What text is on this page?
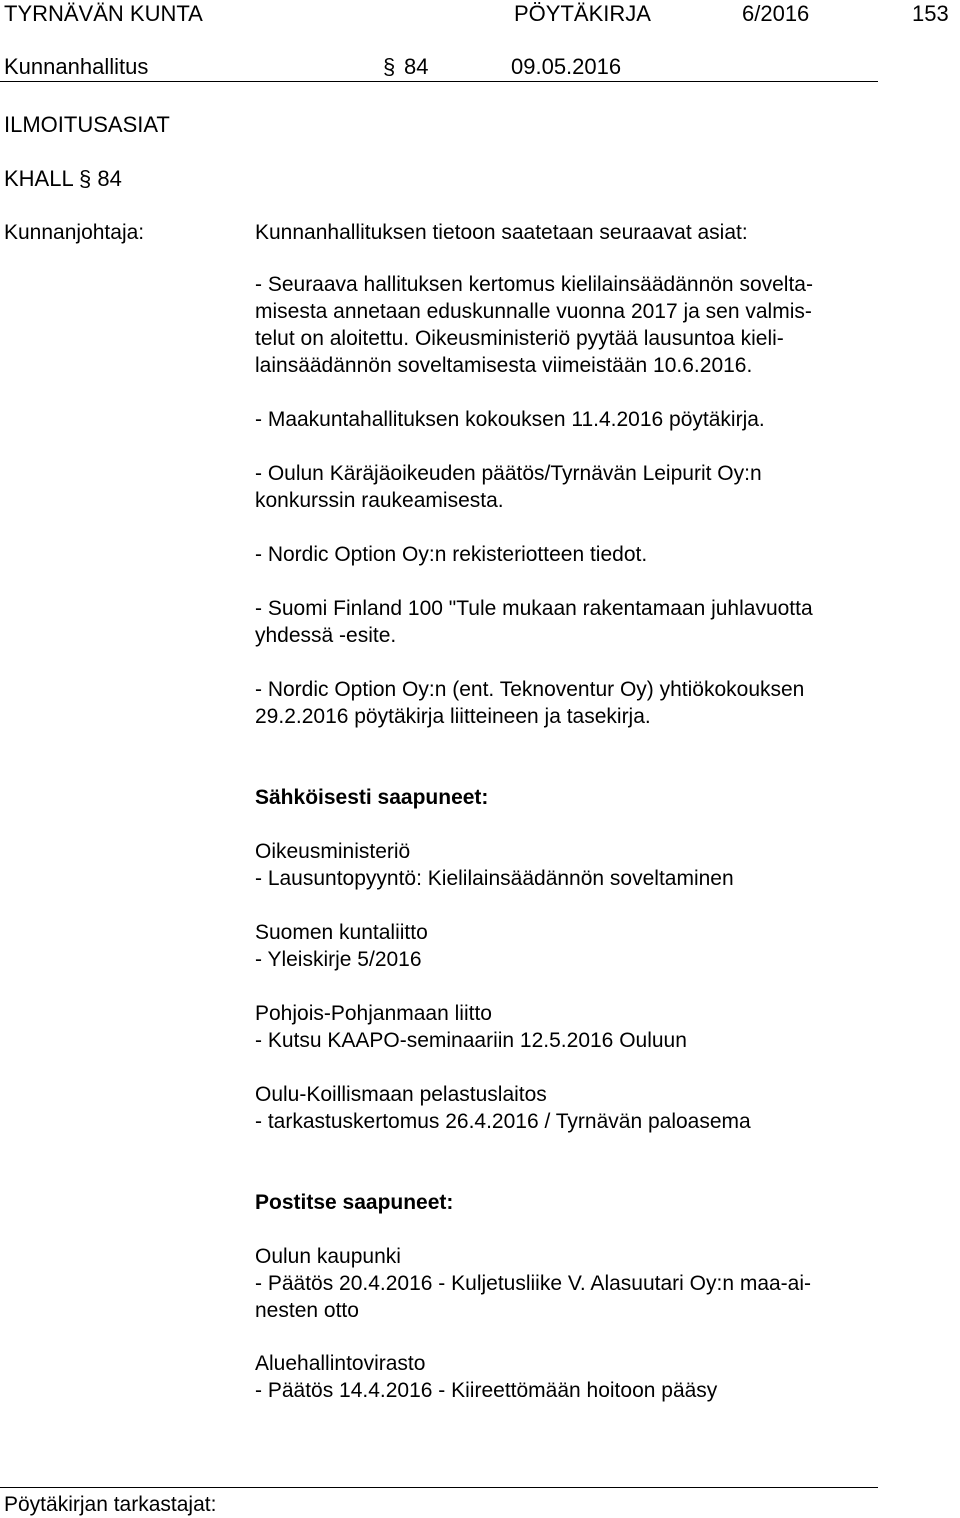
TYRNÄVÄN KUNTA	PÖYTÄKIRJA	6/2016	153
Kunnanhallitus	§ 84	09.05.2016
ILMOITUSASIAT
KHALL § 84
Kunnanjohtaja:	Kunnanhallituksen tietoon saatetaan seuraavat asiat:

- Seuraava hallituksen kertomus kielilainsäädännön sovelta-
misesta annetaan eduskunnalle vuonna 2017 ja sen valmis-
telut on aloitettu. Oikeusministeriö pyytää lausuntoa kieli-
lainsäädännön soveltamisesta viimeistään 10.6.2016.

- Maakuntahallituksen kokouksen 11.4.2016 pöytäkirja.

- Oulun Käräjäoikeuden päätös/Tyrnävän Leipurit Oy:n
konkurssin raukeamisesta.

- Nordic Option Oy:n rekisteriotteen tiedot.

- Suomi Finland 100 "Tule mukaan rakentamaan juhlavuotta
yhdessä -esite.

- Nordic Option Oy:n (ent. Teknoventur Oy) yhtiökokouksen
29.2.2016 pöytäkirja liitteineen ja tasekirja.

Sähköisesti saapuneet:
Oikeusministeriö
- Lausuntopyyntö: Kielilainsäädännön soveltaminen
Suomen kuntaliitto
- Yleiskirje 5/2016
Pohjois-Pohjanmaan liitto
- Kutsu KAAPO-seminaariin 12.5.2016 Ouluun
Oulu-Koillismaan pelastuslaitos
- tarkastuskertomus 26.4.2016 / Tyrnävän paloasema
Postitse saapuneet:
Oulun kaupunki

- Päätös 20.4.2016 - Kuljetusliike V. Alasuutari Oy:n maa-ai-
nesten otto

Aluehallintovirasto
- Päätös 14.4.2016 - Kiireettömään hoitoon pääsy
Pöytäkirjan tarkastajat:
